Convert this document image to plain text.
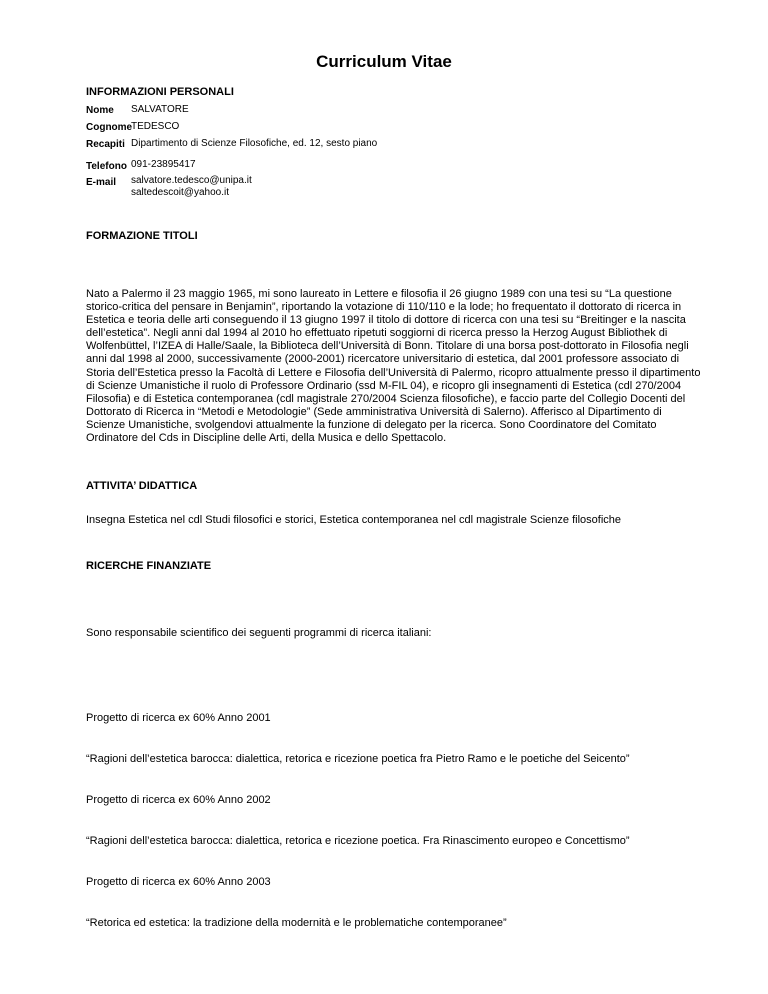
Curriculum Vitae
INFORMAZIONI PERSONALI
Nome SALVATORE
Cognome
TEDESCO
Recapiti Dipartimento di Scienze Filosofiche, ed. 12, sesto piano
Telefono 091-23895417
E-mail salvatore.tedesco@unipa.it
saltedescoit@yahoo.it
FORMAZIONE TITOLI
Nato a Palermo il 23 maggio 1965, mi sono laureato in Lettere e filosofia il 26 giugno 1989 con una tesi su “La questione
storico-critica del pensare in Benjamin”, riportando la votazione di 110/110 e la lode; ho frequentato il dottorato di ricerca in
Estetica e teoria delle arti conseguendo il 13 giugno 1997 il titolo di dottore di ricerca con una tesi su “Breitinger e la nascita
dell’estetica”. Negli anni dal 1994 al 2010 ho effettuato ripetuti soggiorni di ricerca presso la Herzog August Bibliothek di
Wolfenbüttel, l’IZEA di Halle/Saale, la Biblioteca dell’Università di Bonn. Titolare di una borsa post-dottorato in Filosofia negli
anni dal 1998 al 2000, successivamente (2000-2001) ricercatore universitario di estetica, dal 2001 professore associato di
Storia dell’Estetica presso la Facoltà di Lettere e Filosofia dell’Università di Palermo, ricopro attualmente presso il dipartimento
di Scienze Umanistiche il ruolo di Professore Ordinario (ssd M-FIL 04), e ricopro gli insegnamenti di Estetica (cdl 270/2004
Filosofia) e di Estetica contemporanea (cdl magistrale 270/2004 Scienza filosofiche), e faccio parte del Collegio Docenti del
Dottorato di Ricerca in “Metodi e Metodologie” (Sede amministrativa Università di Salerno). Afferisco al Dipartimento di
Scienze Umanistiche, svolgendovi attualmente la funzione di delegato per la ricerca. Sono Coordinatore del Comitato
Ordinatore del Cds in Discipline delle Arti, della Musica e dello Spettacolo.
ATTIVITA’ DIDATTICA
Insegna Estetica nel cdl Studi filosofici e storici, Estetica contemporanea nel cdl magistrale Scienze filosofiche
RICERCHE FINANZIATE
Sono responsabile scientifico dei seguenti programmi di ricerca italiani:
Progetto di ricerca ex 60% Anno 2001
“Ragioni dell’estetica barocca: dialettica, retorica e ricezione poetica fra Pietro Ramo e le poetiche del Seicento”
Progetto di ricerca ex 60% Anno 2002
“Ragioni dell’estetica barocca: dialettica, retorica e ricezione poetica. Fra Rinascimento europeo e Concettismo”
Progetto di ricerca ex 60% Anno 2003
“Retorica ed estetica: la tradizione della modernità e le problematiche contemporanee”
